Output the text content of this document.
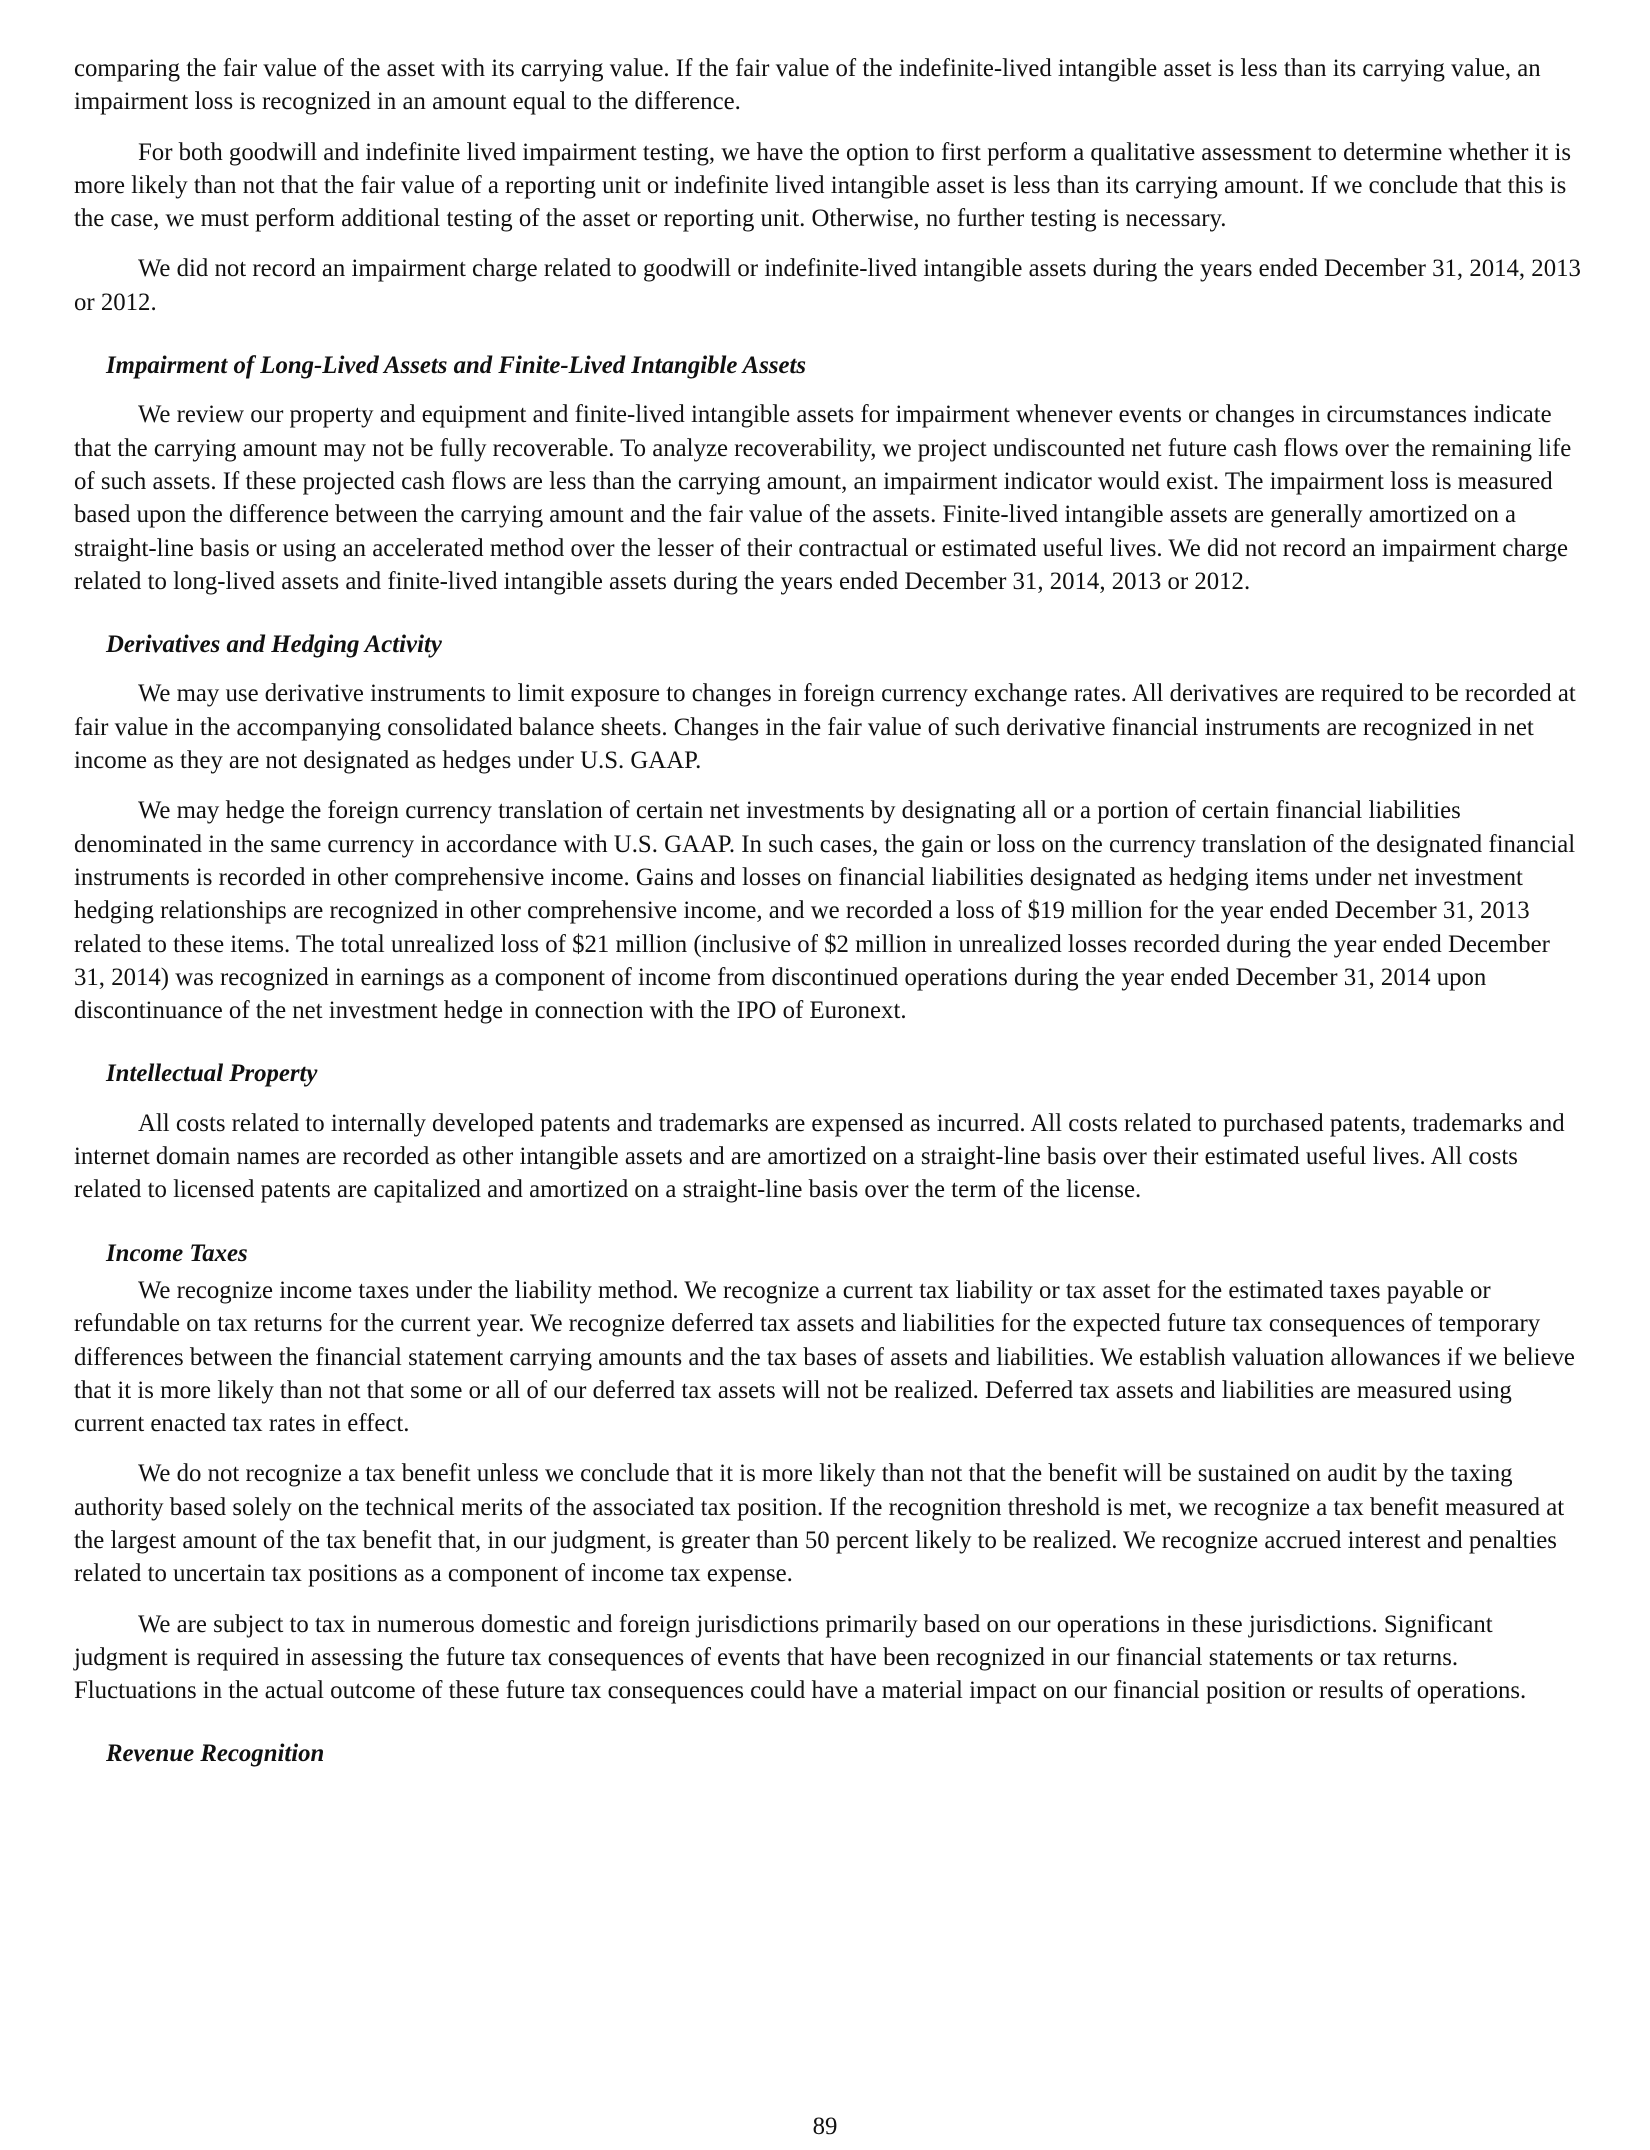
comparing the fair value of the asset with its carrying value. If the fair value of the indefinite-lived intangible asset is less than its carrying value, an impairment loss is recognized in an amount equal to the difference.

For both goodwill and indefinite lived impairment testing, we have the option to first perform a qualitative assessment to determine whether it is more likely than not that the fair value of a reporting unit or indefinite lived intangible asset is less than its carrying amount. If we conclude that this is the case, we must perform additional testing of the asset or reporting unit. Otherwise, no further testing is necessary.

We did not record an impairment charge related to goodwill or indefinite-lived intangible assets during the years ended December 31, 2014, 2013 or 2012.

Impairment of Long-Lived Assets and Finite-Lived Intangible Assets

We review our property and equipment and finite-lived intangible assets for impairment whenever events or changes in circumstances indicate that the carrying amount may not be fully recoverable. To analyze recoverability, we project undiscounted net future cash flows over the remaining life of such assets. If these projected cash flows are less than the carrying amount, an impairment indicator would exist. The impairment loss is measured based upon the difference between the carrying amount and the fair value of the assets. Finite-lived intangible assets are generally amortized on a straight-line basis or using an accelerated method over the lesser of their contractual or estimated useful lives. We did not record an impairment charge related to long-lived assets and finite-lived intangible assets during the years ended December 31, 2014, 2013 or 2012.

Derivatives and Hedging Activity

We may use derivative instruments to limit exposure to changes in foreign currency exchange rates. All derivatives are required to be recorded at fair value in the accompanying consolidated balance sheets. Changes in the fair value of such derivative financial instruments are recognized in net income as they are not designated as hedges under U.S. GAAP.

We may hedge the foreign currency translation of certain net investments by designating all or a portion of certain financial liabilities denominated in the same currency in accordance with U.S. GAAP. In such cases, the gain or loss on the currency translation of the designated financial instruments is recorded in other comprehensive income. Gains and losses on financial liabilities designated as hedging items under net investment hedging relationships are recognized in other comprehensive income, and we recorded a loss of $19 million for the year ended December 31, 2013 related to these items. The total unrealized loss of $21 million (inclusive of $2 million in unrealized losses recorded during the year ended December 31, 2014) was recognized in earnings as a component of income from discontinued operations during the year ended December 31, 2014 upon discontinuance of the net investment hedge in connection with the IPO of Euronext.

Intellectual Property

All costs related to internally developed patents and trademarks are expensed as incurred. All costs related to purchased patents, trademarks and internet domain names are recorded as other intangible assets and are amortized on a straight-line basis over their estimated useful lives. All costs related to licensed patents are capitalized and amortized on a straight-line basis over the term of the license.

Income Taxes

We recognize income taxes under the liability method. We recognize a current tax liability or tax asset for the estimated taxes payable or refundable on tax returns for the current year. We recognize deferred tax assets and liabilities for the expected future tax consequences of temporary differences between the financial statement carrying amounts and the tax bases of assets and liabilities. We establish valuation allowances if we believe that it is more likely than not that some or all of our deferred tax assets will not be realized. Deferred tax assets and liabilities are measured using current enacted tax rates in effect.

We do not recognize a tax benefit unless we conclude that it is more likely than not that the benefit will be sustained on audit by the taxing authority based solely on the technical merits of the associated tax position. If the recognition threshold is met, we recognize a tax benefit measured at the largest amount of the tax benefit that, in our judgment, is greater than 50 percent likely to be realized. We recognize accrued interest and penalties related to uncertain tax positions as a component of income tax expense.

We are subject to tax in numerous domestic and foreign jurisdictions primarily based on our operations in these jurisdictions. Significant judgment is required in assessing the future tax consequences of events that have been recognized in our financial statements or tax returns. Fluctuations in the actual outcome of these future tax consequences could have a material impact on our financial position or results of operations.

Revenue Recognition
89
